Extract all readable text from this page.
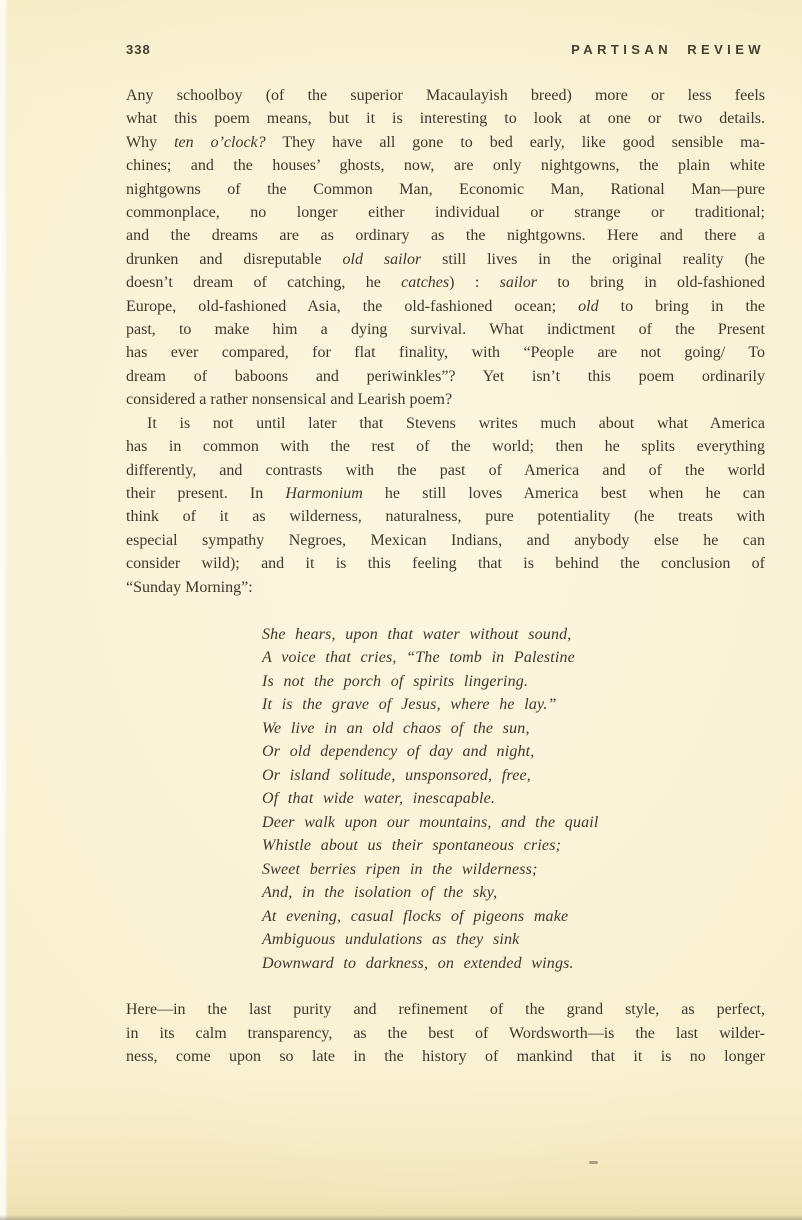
338	PARTISAN REVIEW
Any schoolboy (of the superior Macaulayish breed) more or less feels
what this poem means, but it is interesting to look at one or two details.
Why ten o’clock? They have all gone to bed early, like good sensible ma-
chines; and the houses’ ghosts, now, are only nightgowns, the plain white
nightgowns of the Common Man, Economic Man, Rational Man—pure
commonplace, no longer either individual or strange or traditional;
and the dreams are as ordinary as the nightgowns. Here and there a
drunken and disreputable old sailor still lives in the original reality (he
doesn’t dream of catching, he catches) : sailor to bring in old-fashioned
Europe, old-fashioned Asia, the old-fashioned ocean; old to bring in the
past, to make him a dying survival. What indictment of the Present
has ever compared, for flat finality, with “People are not going/ To
dream of baboons and periwinkles”? Yet isn’t this poem ordinarily
considered a rather nonsensical and Learish poem?
It is not until later that Stevens writes much about what America
has in common with the rest of the world; then he splits everything
differently, and contrasts with the past of America and of the world
their present. In Harmonium he still loves America best when he can
think of it as wilderness, naturalness, pure potentiality (he treats with
especial sympathy Negroes, Mexican Indians, and anybody else he can
consider wild); and it is this feeling that is behind the conclusion of
“Sunday Morning”:
She hears, upon that water without sound,
A voice that cries, “The tomb in Palestine
Is not the porch of spirits lingering.
It is the grave of Jesus, where he lay.”
We live in an old chaos of the sun,
Or old dependency of day and night,
Or island solitude, unsponsored, free,
Of that wide water, inescapable.
Deer walk upon our mountains, and the quail
Whistle about us their spontaneous cries;
Sweet berries ripen in the wilderness;
And, in the isolation of the sky,
At evening, casual flocks of pigeons make
Ambiguous undulations as they sink
Downward to darkness, on extended wings.
Here—in the last purity and refinement of the grand style, as perfect,
in its calm transparency, as the best of Wordsworth—is the last wilder-
ness, come upon so late in the history of mankind that it is no longer
